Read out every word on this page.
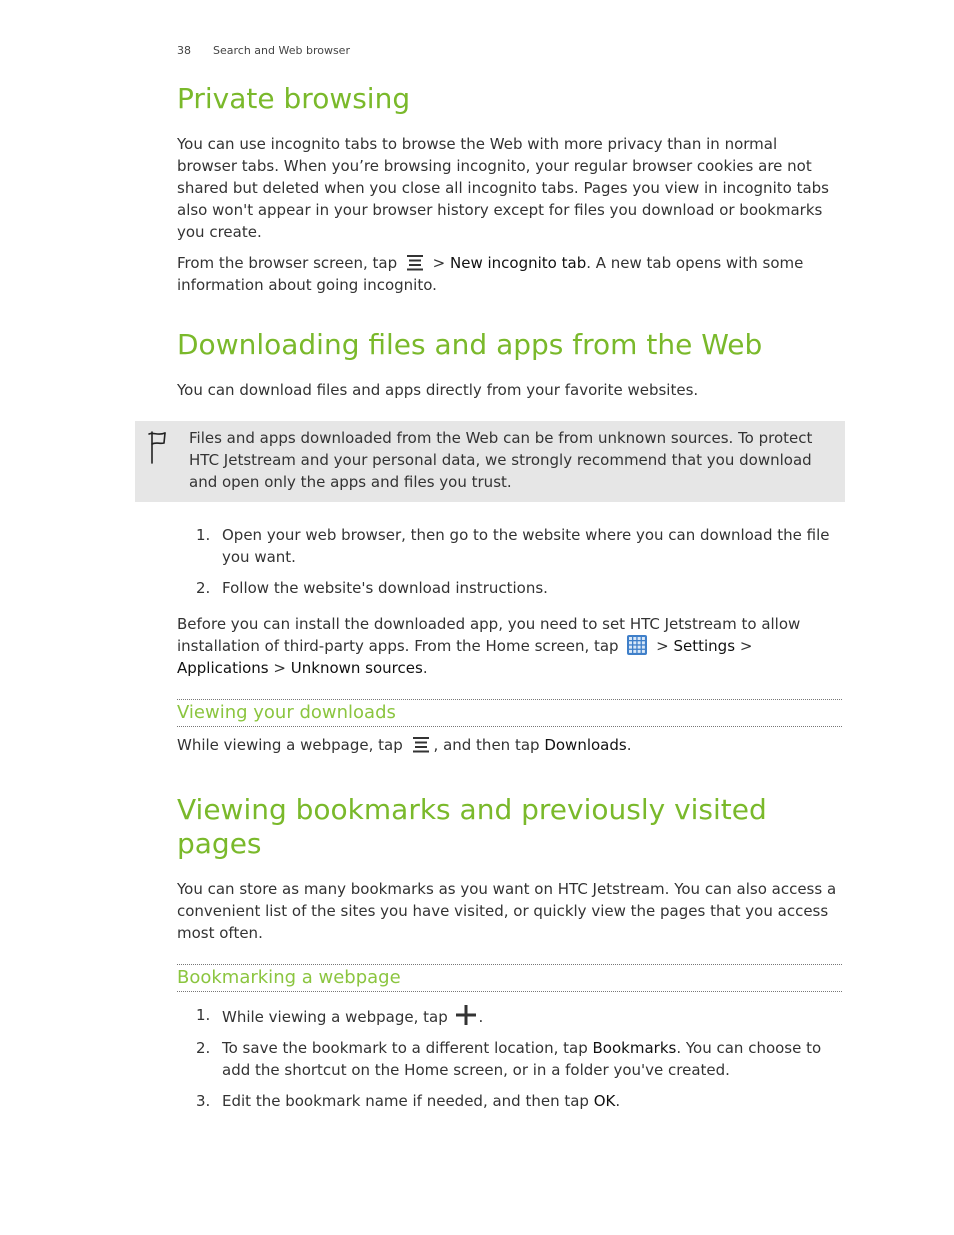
38 Search and Web browser
Private browsing

You can use incognito tabs to browse the Web with more privacy than in normal browser tabs. When you’re browsing incognito, your regular browser cookies are not shared but deleted when you close all incognito tabs. Pages you view in incognito tabs also won't appear in your browser history except for files you download or bookmarks you create.

From the browser screen, tap > New incognito tab. A new tab opens with some information about going incognito.

Downloading files and apps from the Web

You can download files and apps directly from your favorite websites.

Files and apps downloaded from the Web can be from unknown sources. To protect HTC Jetstream and your personal data, we strongly recommend that you download and open only the apps and files you trust.

1. Open your web browser, then go to the website where you can download the file you want.
2. Follow the website's download instructions.

Before you can install the downloaded app, you need to set HTC Jetstream to allow installation of third-party apps. From the Home screen, tap	> Settings > Applications > Unknown sources.

Viewing your downloads

While viewing a webpage, tap , and then tap Downloads.

Viewing bookmarks and previously visited pages

You can store as many bookmarks as you want on HTC Jetstream. You can also access a convenient list of the sites you have visited, or quickly view the pages that you access most often.

Bookmarking a webpage
1. While viewing a webpage, tap .
2. To save the bookmark to a different location, tap Bookmarks. You can choose to add the shortcut on the Home screen, or in a folder you've created.
3. Edit the bookmark name if needed, and then tap OK.
